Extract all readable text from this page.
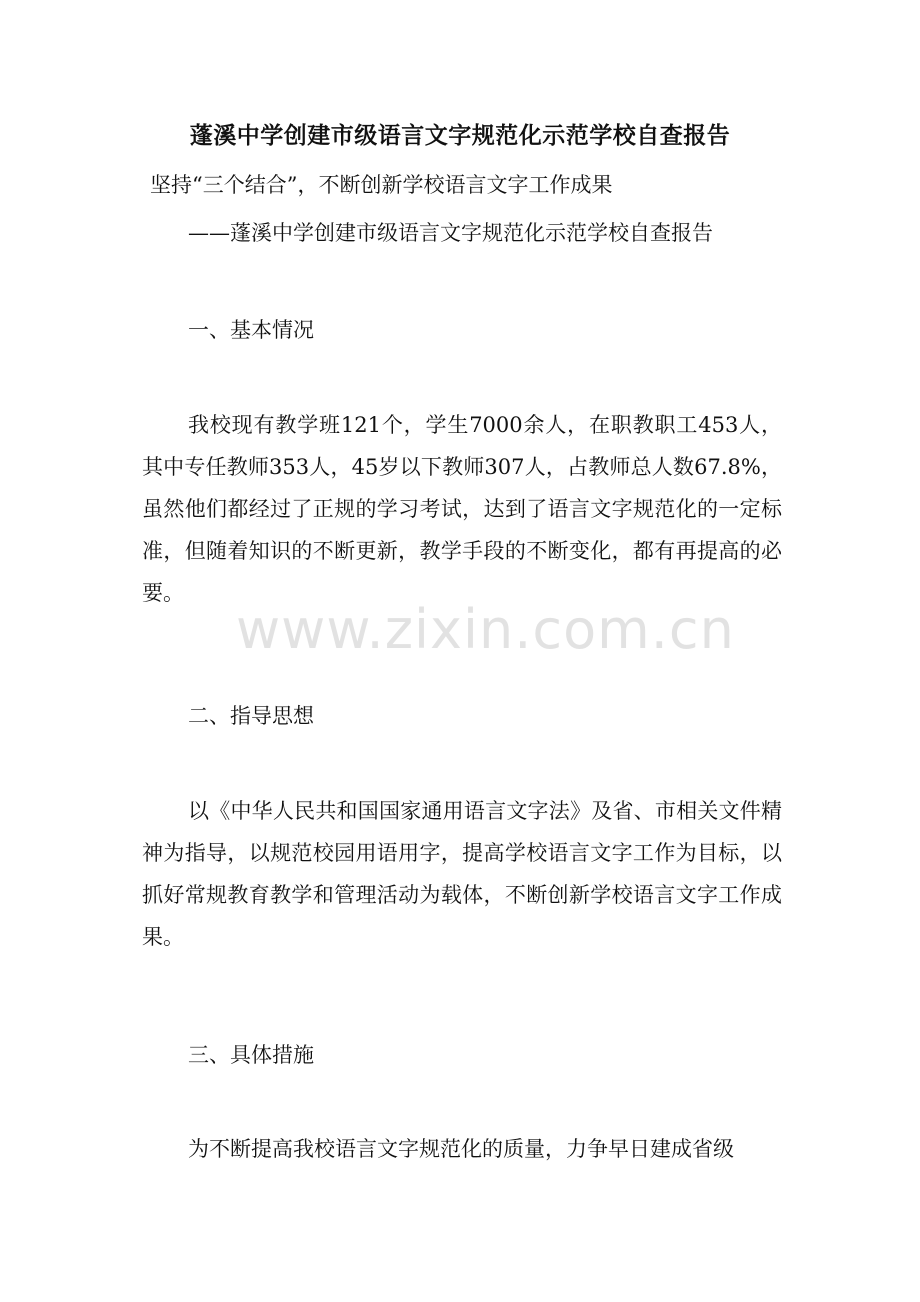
蓬溪中学创建市级语言文字规范化示范学校自查报告
坚持“三个结合”，不断创新学校语言文字工作成果
——蓬溪中学创建市级语言文字规范化示范学校自查报告
一、基本情况
我校现有教学班121个，学生7000余人，在职教职工453人，其中专任教师353人，45岁以下教师307人，占教师总人数67.8%，虽然他们都经过了正规的学习考试，达到了语言文字规范化的一定标准，但随着知识的不断更新，教学手段的不断变化，都有再提高的必要。
二、指导思想
以《中华人民共和国国家通用语言文字法》及省、市相关文件精神为指导，以规范校园用语用字，提高学校语言文字工作为目标，以抓好常规教育教学和管理活动为载体，不断创新学校语言文字工作成果。
三、具体措施
为不断提高我校语言文字规范化的质量，力争早日建成省级
www.zixin.com.cn
